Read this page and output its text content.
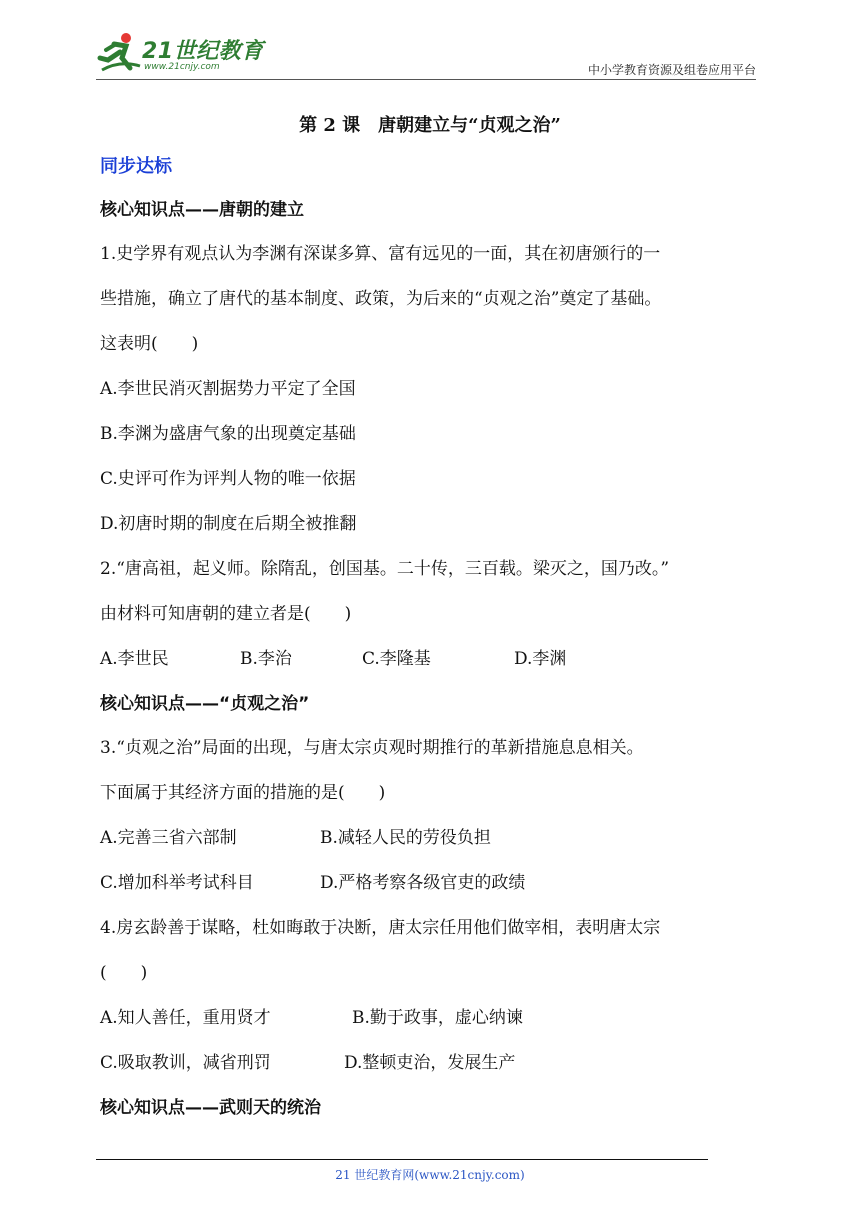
21世纪教育
www.21cnjy.com	中小学教育资源及组卷应用平台
第 2 课　唐朝建立与“贞观之治”
同步达标
核心知识点——唐朝的建立
1.史学界有观点认为李渊有深谋多算、富有远见的一面，其在初唐颁行的一
些措施，确立了唐代的基本制度、政策，为后来的“贞观之治”奠定了基础。
这表明(　　)
A.李世民消灭割据势力平定了全国
B.李渊为盛唐气象的出现奠定基础
C.史评可作为评判人物的唯一依据
D.初唐时期的制度在后期全被推翻
2.“唐高祖，起义师。除隋乱，创国基。二十传，三百载。梁灭之，国乃改。”
由材料可知唐朝的建立者是(　　)
A.李世民	B.李治	C.李隆基	D.李渊
核心知识点——“贞观之治”
3.“贞观之治”局面的出现，与唐太宗贞观时期推行的革新措施息息相关。
下面属于其经济方面的措施的是(　　)
A.完善三省六部制	B.减轻人民的劳役负担
C.增加科举考试科目	D.严格考察各级官吏的政绩
4.房玄龄善于谋略，杜如晦敢于决断，唐太宗任用他们做宰相，表明唐太宗
(　　)
A.知人善任，重用贤才	B.勤于政事，虚心纳谏
C.吸取教训，减省刑罚	D.整顿吏治，发展生产
核心知识点——武则天的统治
21 世纪教育网(www.21cnjy.com)
